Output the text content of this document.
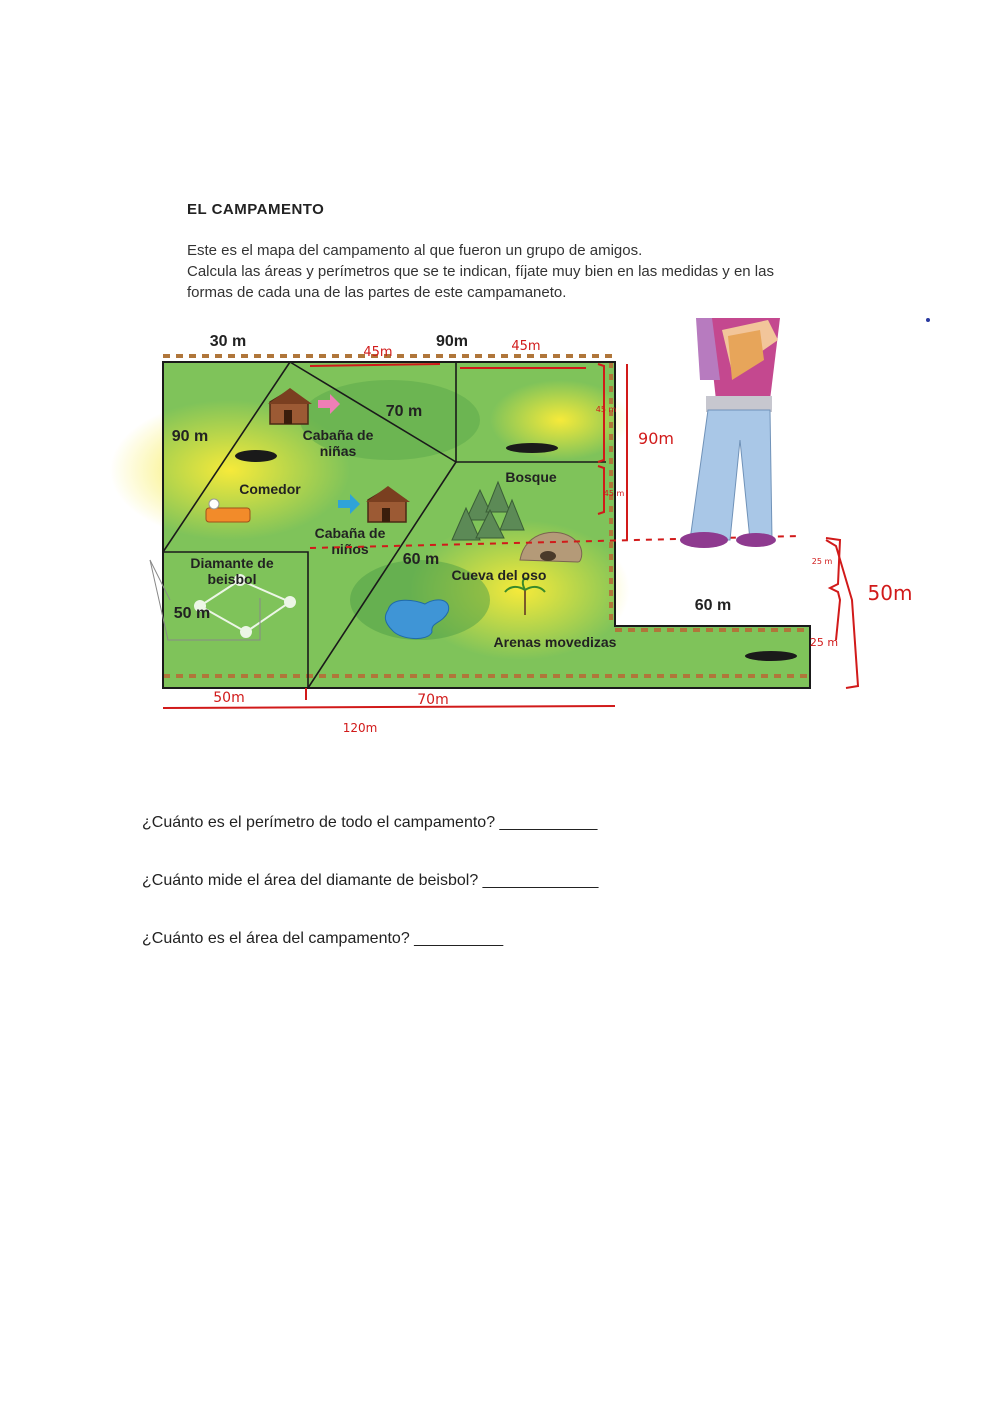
EL CAMPAMENTO
Este es el mapa del campamento al que fueron un grupo de amigos.
Calcula las áreas y perímetros que se te indican, fíjate muy bien en las medidas y en las
formas de cada una de las partes de este campamaneto.
Cabaña de
niñas
Comedor
Cabaña de
niños
Bosque
Cueva del oso
Diamante de
beisbol
Arenas movedizas
30 m	90m
90 m
70 m
60 m
50 m	60 m
45m	45m
45 m
45 m
90m
25 m
25 m
50m
50m	70m
120m
¿Cuánto es el perímetro de todo el campamento? ___________
¿Cuánto mide el área del diamante de beisbol? _____________
¿Cuánto es el área del campamento? __________
